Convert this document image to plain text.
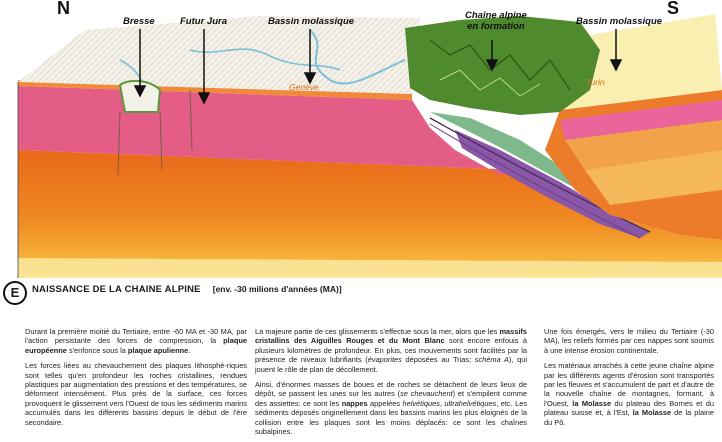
N	S
Bresse	Futur Jura	Bassin molassique
Chaîne alpine
en formation	Bassin molassique
Genève	Turin
E	NAISSANCE DE LA CHAINE ALPINE [env. -30 milions d'années (MA)]

Durant la première moitié du Tertiaire, entre -60 MA et -30 MA, par l'action persistante des forces de compression, la plaque européenne s'enfonce sous la plaque apulienne.

Les forces liées au chevauchement des plaques lithosphé-riques sont telles qu'en profondeur les roches cristallines, rendues plastiques par augmentation des pressions et des températures, se déforment intensément. Plus près de la surface, ces forces provoquent le glissement vers l'Ouest de tous les sédiments marins accumulés dans les différents bassins depuis le début de l'ère secondaire.

La majeure partie de ces glissements s'effectue sous la mer, alors que les massifs cristallins des Aiguilles Rouges et du Mont Blanc sont encore enfouis à plusieurs kilomètres de profondeur. En plus, ces mouvements sont facilités par la présence de niveaux lubrifiants (évaporites déposées au Trias; schéma A), qui jouent le rôle de plan de décollement.

Ainsi, d'énormes masses de boues et de roches se détachent de leurs lieux de dépôt, se passent les unes sur les autres (se chevauchent) et s'empilent comme des assiettes: ce sont les nappes appelées helvétiques, ultrahelvétiques, etc. Les sédiments déposés originellement dans les bassins marins les plus éloignés de la collision entre les plaques sont les moins déplacés: ce sont les chaînes subalpines.

Une fois émergés, vers le milieu du Tertiaire (-30 MA), les reliefs formés par ces nappes sont soumis à une intense érosion continentale.

Les matériaux arrachés à cette jeune chaîne alpine par les différents agents d'érosion sont transportés par les fleuves et s'accumulent de part et d'autre de la nouvelle chaîne de montagnes, formant, à l'Ouest, la Molasse du plateau des Bornes et du plateau suisse et, à l'Est, la Molasse de la plaine du Pô.
